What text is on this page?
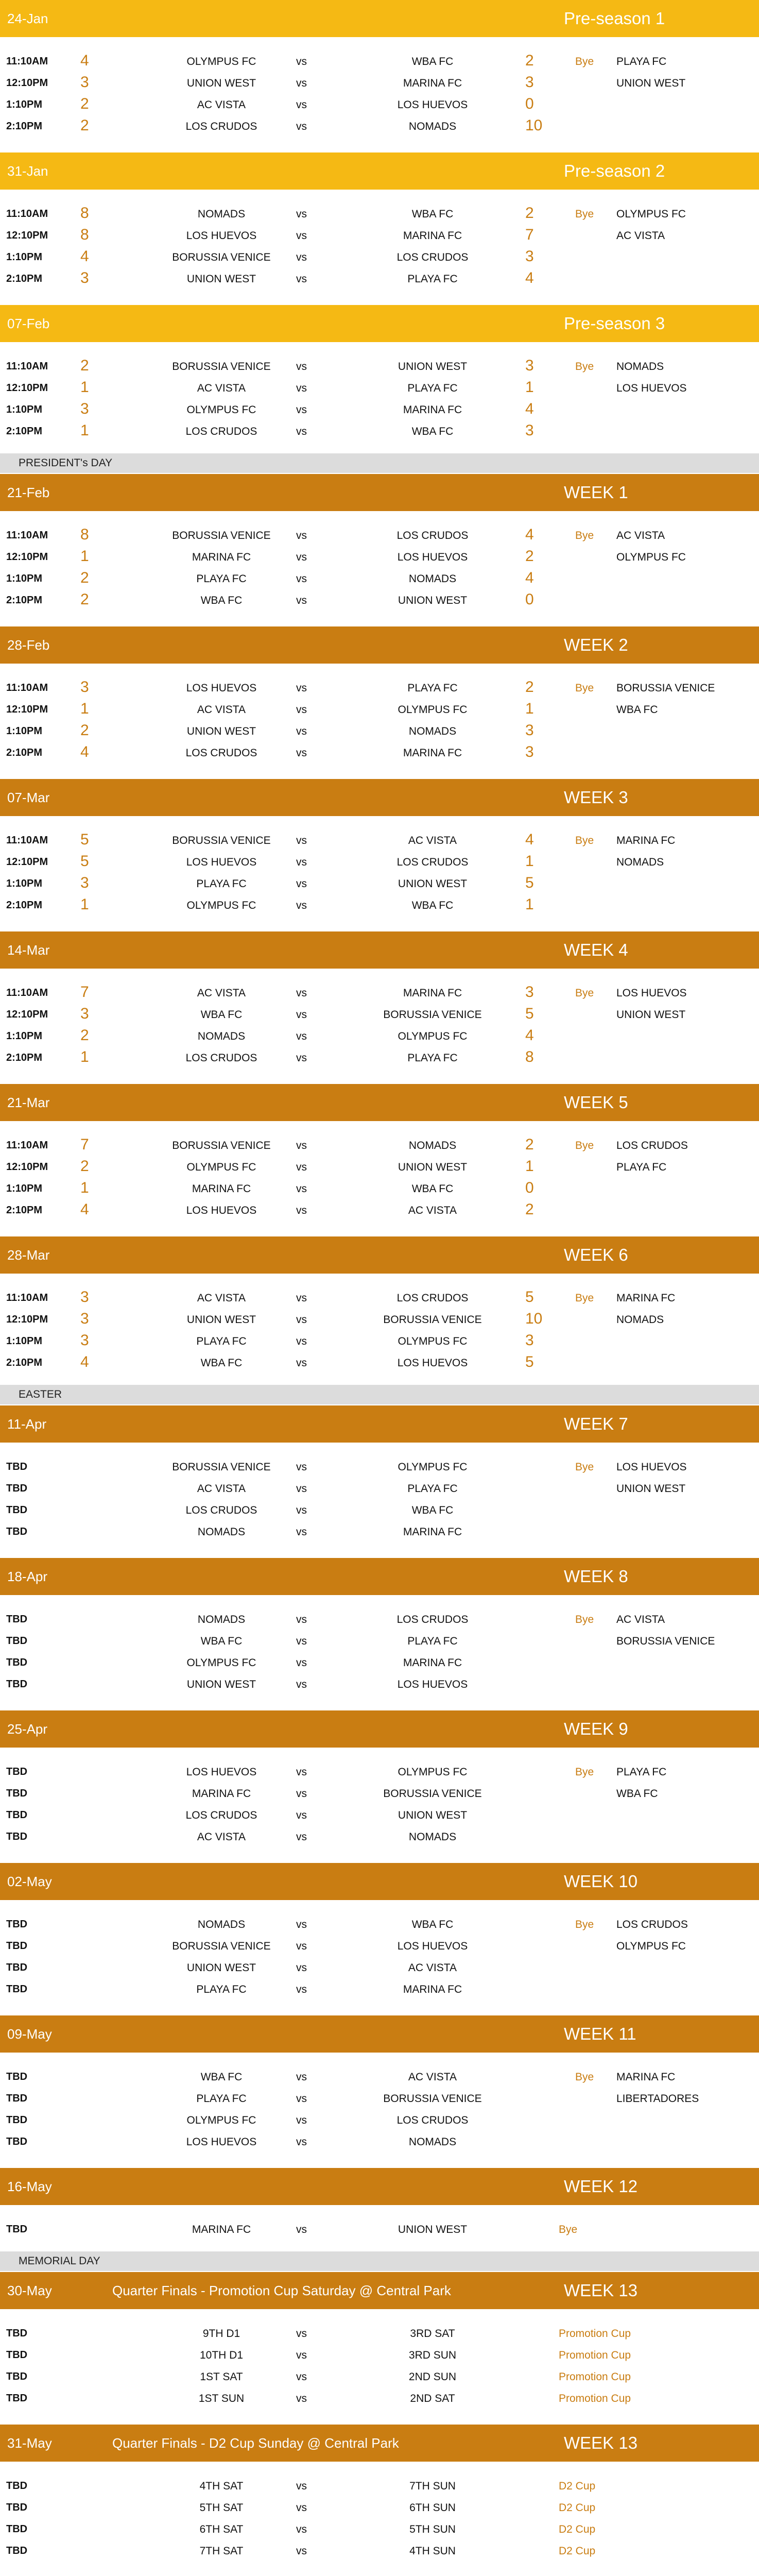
24-Jan	Pre-season 1
11:10AM 4	OLYMPUS FC	vs	WBA FC	2	Bye PLAYA FC
12:10PM 3	UNION WEST	vs	MARINA FC	3	UNION WEST
1:10PM 2	AC VISTA	vs	LOS HUEVOS	0
2:10PM 2	LOS CRUDOS	vs	NOMADS	10
31-Jan	Pre-season 2
11:10AM 8	NOMADS	vs	WBA FC	2	Bye OLYMPUS FC
12:10PM 8	LOS HUEVOS	vs	MARINA FC	7	AC VISTA
1:10PM 4	BORUSSIA VENICE	vs	LOS CRUDOS	3
2:10PM 3	UNION WEST	vs	PLAYA FC	4
07-Feb	Pre-season 3
11:10AM 2	BORUSSIA VENICE	vs	UNION WEST	3	Bye NOMADS
12:10PM 1	AC VISTA	vs	PLAYA FC	1	LOS HUEVOS
1:10PM 3	OLYMPUS FC	vs	MARINA FC	4
2:10PM 1	LOS CRUDOS	vs	WBA FC	3
PRESIDENT's DAY
21-Feb	WEEK 1
11:10AM 8	BORUSSIA VENICE	vs	LOS CRUDOS	4	Bye AC VISTA
12:10PM 1	MARINA FC	vs	LOS HUEVOS	2	OLYMPUS FC
1:10PM 2	PLAYA FC	vs	NOMADS	4
2:10PM 2	WBA FC	vs	UNION WEST	0
28-Feb	WEEK 2
11:10AM 3	LOS HUEVOS	vs	PLAYA FC	2	Bye BORUSSIA VENICE
12:10PM 1	AC VISTA	vs	OLYMPUS FC	1	WBA FC
1:10PM 2	UNION WEST	vs	NOMADS	3
2:10PM 4	LOS CRUDOS	vs	MARINA FC	3
07-Mar	WEEK 3
11:10AM 5	BORUSSIA VENICE	vs	AC VISTA	4	Bye MARINA FC
12:10PM 5	LOS HUEVOS	vs	LOS CRUDOS	1	NOMADS
1:10PM 3	PLAYA FC	vs	UNION WEST	5
2:10PM 1	OLYMPUS FC	vs	WBA FC	1
14-Mar	WEEK 4
11:10AM 7	AC VISTA	vs	MARINA FC	3	Bye LOS HUEVOS
12:10PM 3	WBA FC	vs	BORUSSIA VENICE	5	UNION WEST
1:10PM 2	NOMADS	vs	OLYMPUS FC	4
2:10PM 1	LOS CRUDOS	vs	PLAYA FC	8
21-Mar	WEEK 5
11:10AM 7	BORUSSIA VENICE	vs	NOMADS	2	Bye LOS CRUDOS
12:10PM 2	OLYMPUS FC	vs	UNION WEST	1	PLAYA FC
1:10PM 1	MARINA FC	vs	WBA FC	0
2:10PM 4	LOS HUEVOS	vs	AC VISTA	2
28-Mar	WEEK 6
11:10AM 3	AC VISTA	vs	LOS CRUDOS	5	Bye MARINA FC
12:10PM 3	UNION WEST	vs	BORUSSIA VENICE	10	NOMADS
1:10PM 3	PLAYA FC	vs	OLYMPUS FC	3
2:10PM 4	WBA FC	vs	LOS HUEVOS	5
EASTER
11-Apr	WEEK 7
TBD	BORUSSIA VENICE	vs	OLYMPUS FC	Bye LOS HUEVOS
TBD	AC VISTA	vs	PLAYA FC	UNION WEST
TBD	LOS CRUDOS	vs	WBA FC
TBD	NOMADS	vs	MARINA FC
18-Apr	WEEK 8
TBD	NOMADS	vs	LOS CRUDOS	Bye AC VISTA
TBD	WBA FC	vs	PLAYA FC	BORUSSIA VENICE
TBD	OLYMPUS FC	vs	MARINA FC
TBD	UNION WEST	vs	LOS HUEVOS
25-Apr	WEEK 9
TBD	LOS HUEVOS	vs	OLYMPUS FC	Bye PLAYA FC
TBD	MARINA FC	vs	BORUSSIA VENICE	WBA FC
TBD	LOS CRUDOS	vs	UNION WEST
TBD	AC VISTA	vs	NOMADS
02-May	WEEK 10
TBD	NOMADS	vs	WBA FC	Bye LOS CRUDOS
TBD	BORUSSIA VENICE	vs	LOS HUEVOS	OLYMPUS FC
TBD	UNION WEST	vs	AC VISTA
TBD	PLAYA FC	vs	MARINA FC
09-May	WEEK 11
TBD	WBA FC	vs	AC VISTA	Bye MARINA FC
TBD	PLAYA FC	vs	BORUSSIA VENICE	LIBERTADORES
TBD	OLYMPUS FC	vs	LOS CRUDOS
TBD	LOS HUEVOS	vs	NOMADS
16-May	WEEK 12
TBD	MARINA FC	vs	UNION WEST	Bye
MEMORIAL DAY
30-May	Quarter Finals - Promotion Cup Saturday @ Central Park	WEEK 13
TBD	9TH D1	vs	3RD SAT	Promotion Cup
TBD	10TH D1	vs	3RD SUN	Promotion Cup
TBD	1ST SAT	vs	2ND SUN	Promotion Cup
TBD	1ST SUN	vs	2ND SAT	Promotion Cup
31-May	Quarter Finals - D2 Cup Sunday @ Central Park	WEEK 13
TBD	4TH SAT	vs	7TH SUN	D2 Cup
TBD	5TH SAT	vs	6TH SUN	D2 Cup
TBD	6TH SAT	vs	5TH SUN	D2 Cup
TBD	7TH SAT	vs	4TH SUN	D2 Cup
